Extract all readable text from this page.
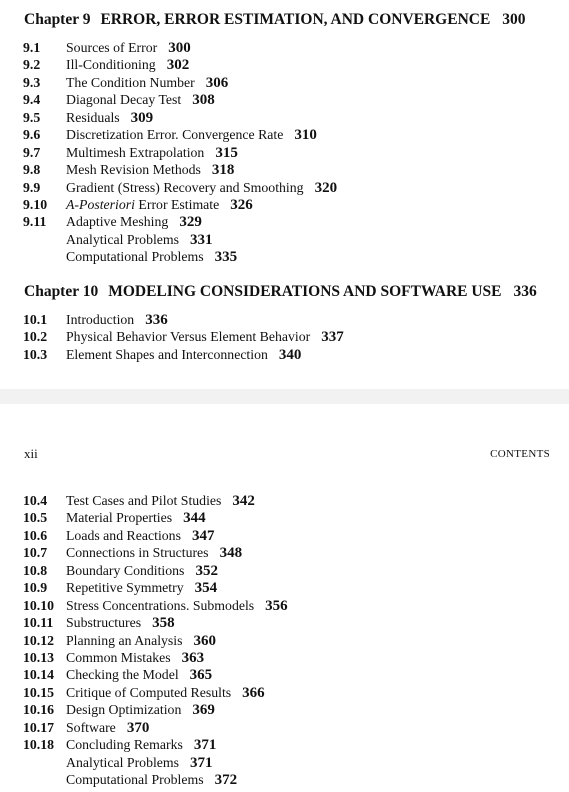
Chapter 9 ERROR, ERROR ESTIMATION, AND CONVERGENCE 300
9.1 Sources of Error 300
9.2 Ill-Conditioning 302
9.3 The Condition Number 306
9.4 Diagonal Decay Test 308
9.5 Residuals 309
9.6 Discretization Error. Convergence Rate 310
9.7 Multimesh Extrapolation 315
9.8 Mesh Revision Methods 318
9.9 Gradient (Stress) Recovery and Smoothing 320
9.10 A-Posteriori Error Estimate 326
9.11 Adaptive Meshing 329
Analytical Problems 331
Computational Problems 335
Chapter 10 MODELING CONSIDERATIONS AND SOFTWARE USE 336
10.1 Introduction 336
10.2 Physical Behavior Versus Element Behavior 337
10.3 Element Shapes and Interconnection 340
xii	CONTENTS
10.4 Test Cases and Pilot Studies 342
10.5 Material Properties 344
10.6 Loads and Reactions 347
10.7 Connections in Structures 348
10.8 Boundary Conditions 352
10.9 Repetitive Symmetry 354
10.10 Stress Concentrations. Submodels 356
10.11 Substructures 358
10.12 Planning an Analysis 360
10.13 Common Mistakes 363
10.14 Checking the Model 365
10.15 Critique of Computed Results 366
10.16 Design Optimization 369
10.17 Software 370
10.18 Concluding Remarks 371
Analytical Problems 371
Computational Problems 372
